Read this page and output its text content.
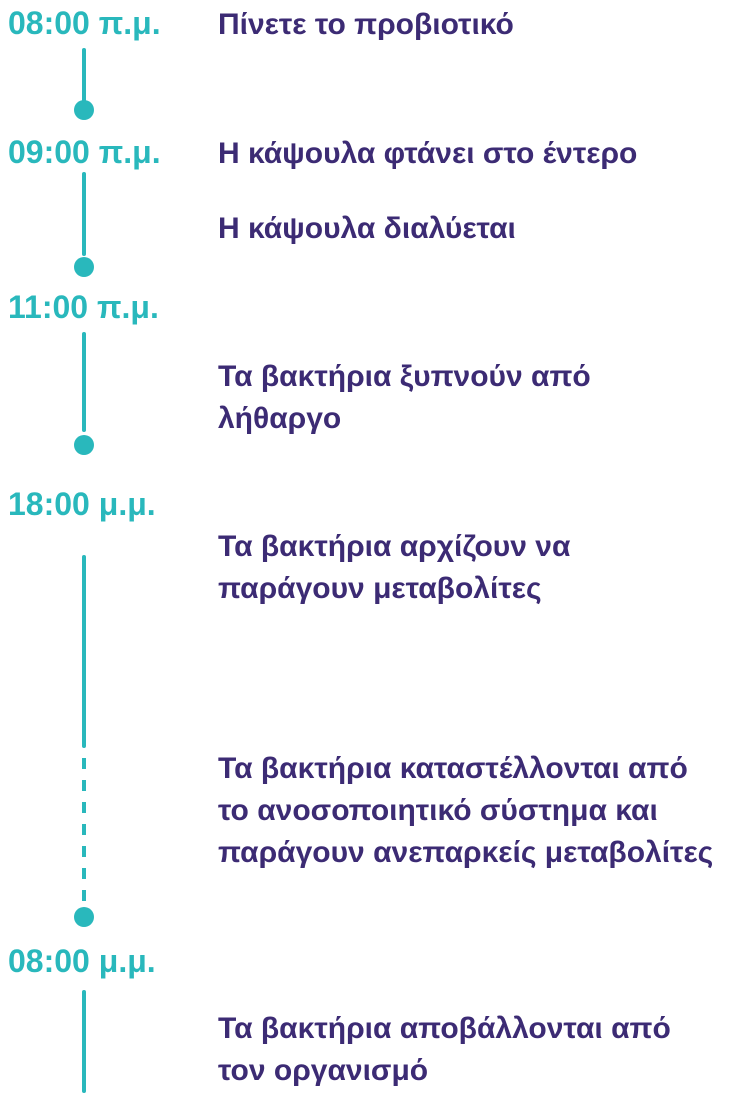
08:00 π.μ.
09:00 π.μ.
11:00 π.μ.
18:00 μ.μ.
08:00 μ.μ.
Πίνετε το προβιοτικό
Η κάψουλα φτάνει στο έντερο
Η κάψουλα διαλύεται
Τα βακτήρια ξυπνούν από λήθαργο
Τα βακτήρια αρχίζουν να παράγουν μεταβολίτες
Τα βακτήρια καταστέλλονται από το ανοσοποιητικό σύστημα και παράγουν ανεπαρκείς μεταβολίτες
Τα βακτήρια αποβάλλονται από τον οργανισμό
